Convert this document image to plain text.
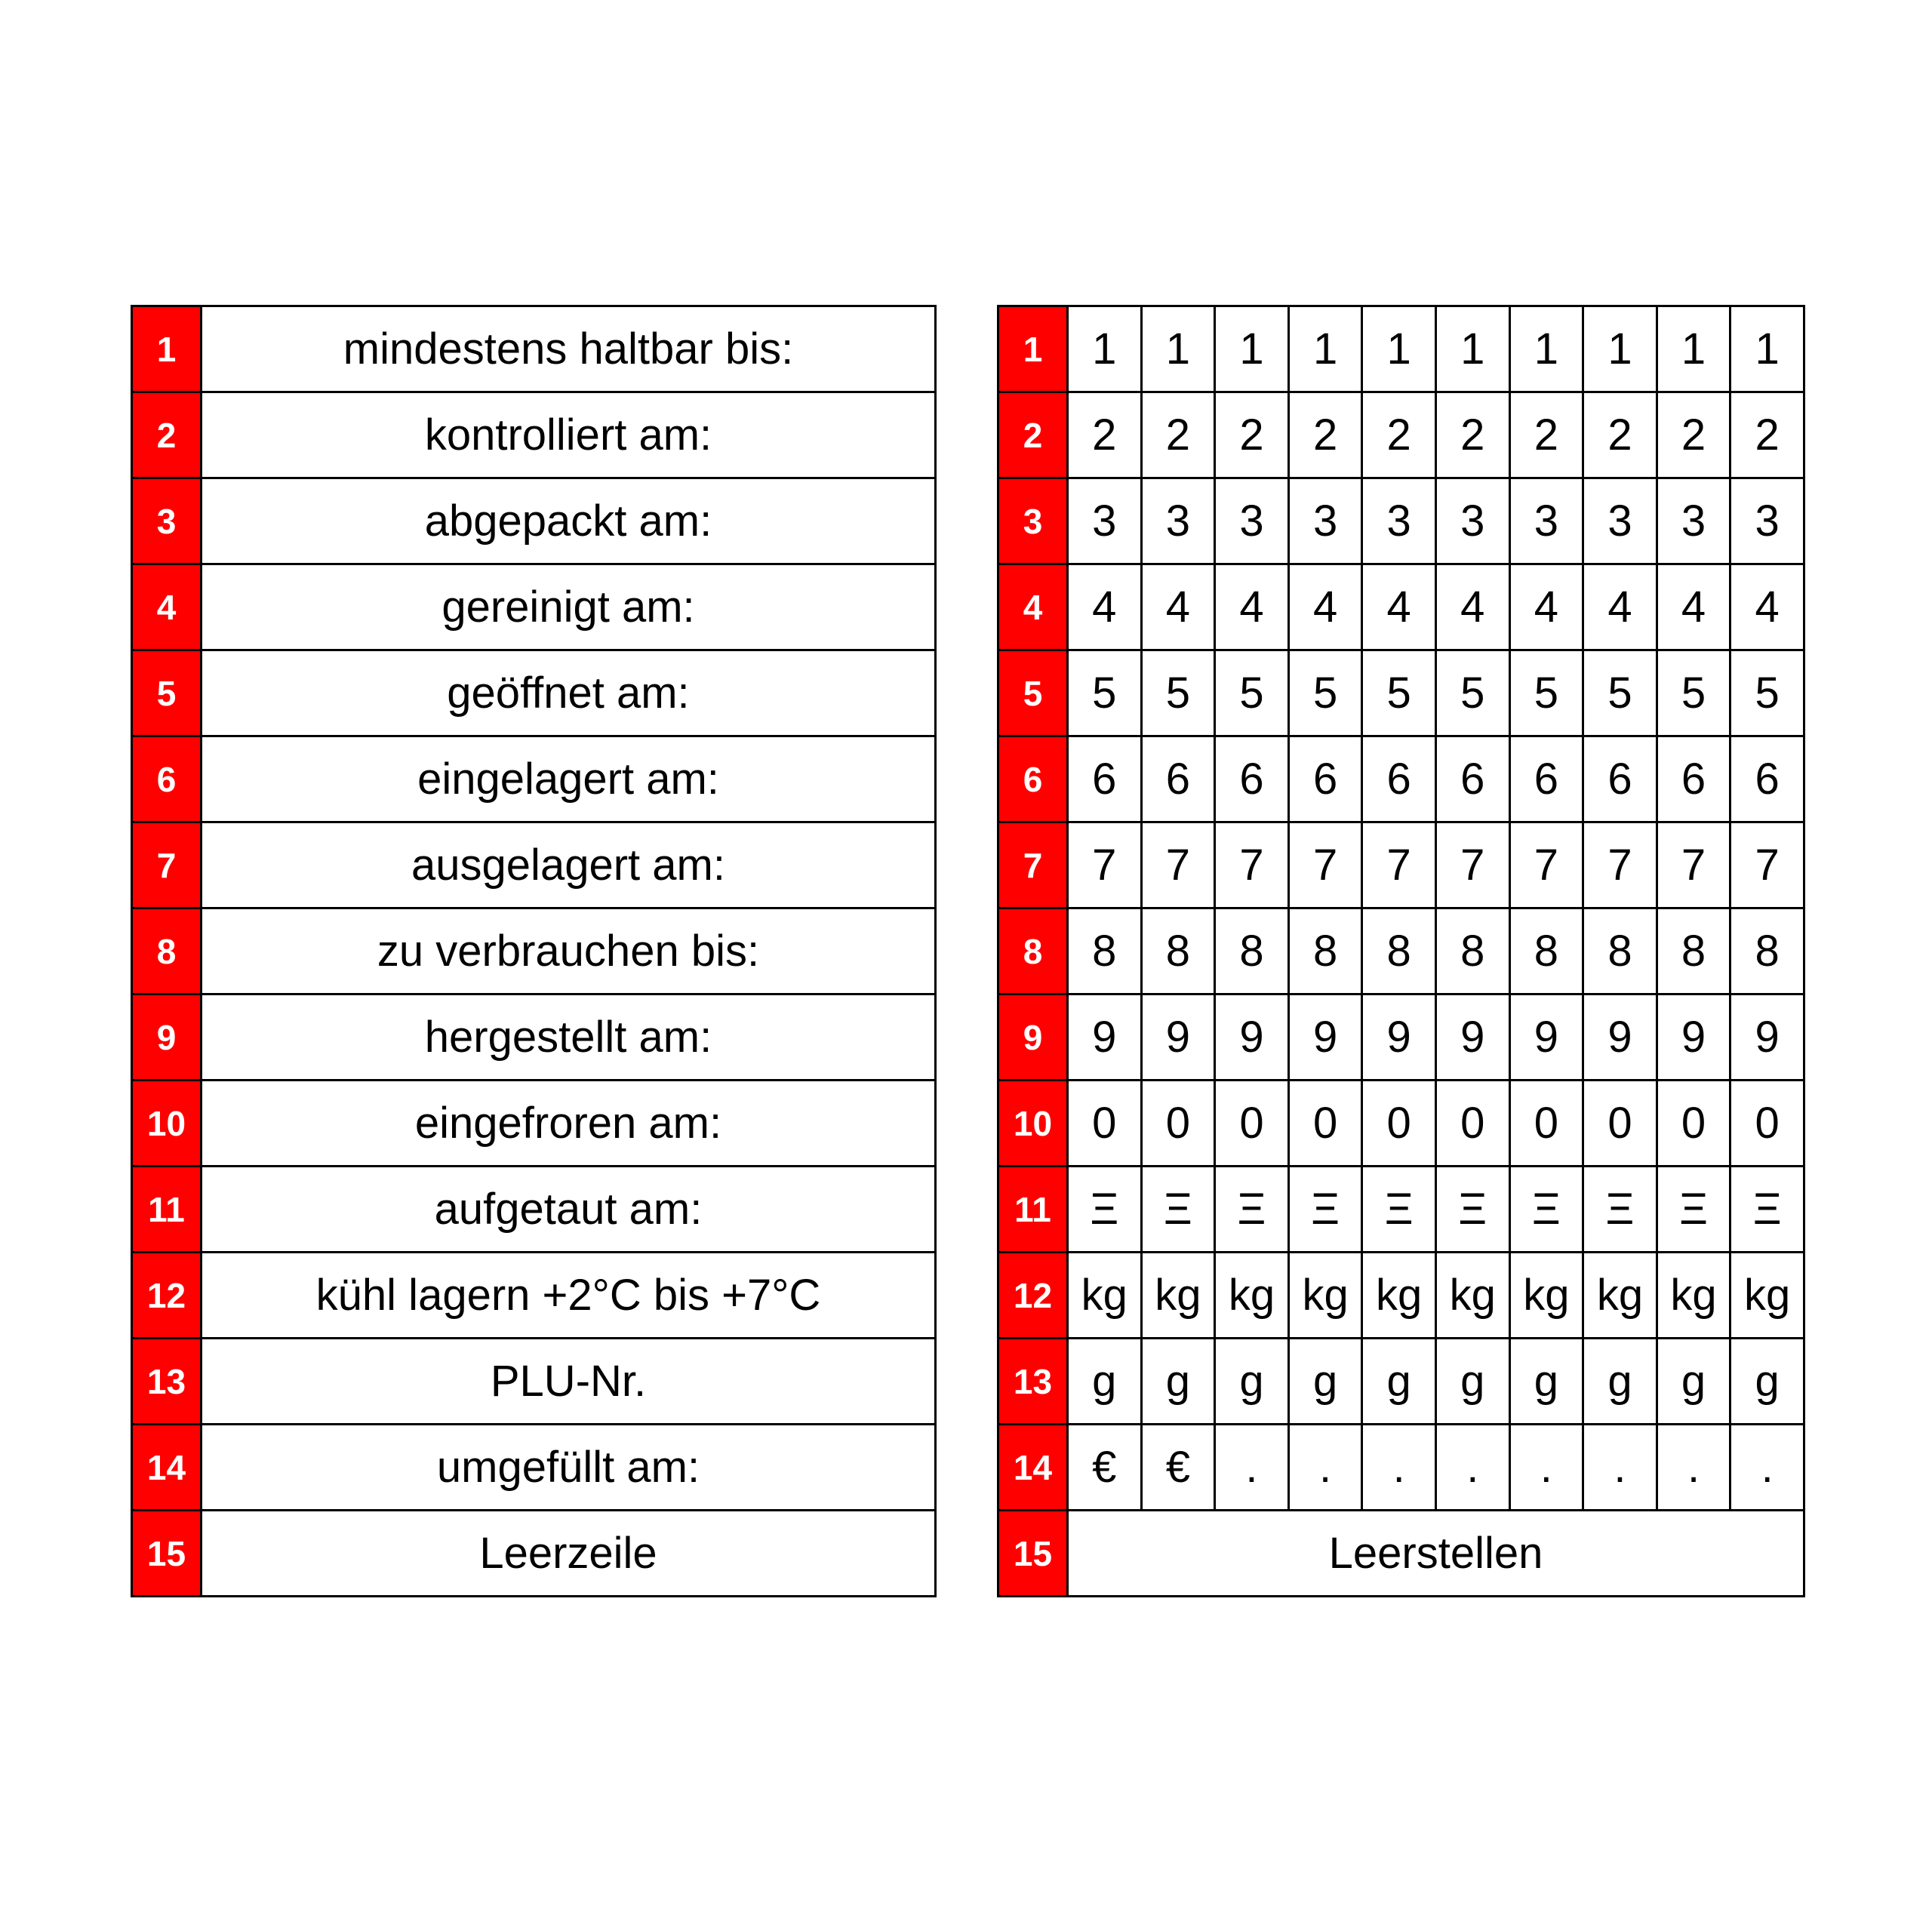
1	mindestens haltbar bis:
2	kontrolliert am:
3	abgepackt am:
4	gereinigt am:
5	geöffnet am:
6	eingelagert am:
7	ausgelagert am:
8	zu verbrauchen bis:
9	hergestellt am:
10	eingefroren am:
11	aufgetaut am:
12	kühl lagern +2°C bis +7°C
13	PLU-Nr.
14	umgefüllt am:
15	Leerzeile
1	1	1	1	1	1	1	1	1	1	1
2	2	2	2	2	2	2	2	2	2	2
3	3	3	3	3	3	3	3	3	3	3
4	4	4	4	4	4	4	4	4	4	4
5	5	5	5	5	5	5	5	5	5	5
6	6	6	6	6	6	6	6	6	6	6
7	7	7	7	7	7	7	7	7	7	7
8	8	8	8	8	8	8	8	8	8	8
9	9	9	9	9	9	9	9	9	9	9
10	0	0	0	0	0	0	0	0	0	0
11	Ξ	Ξ	Ξ	Ξ	Ξ	Ξ	Ξ	Ξ	Ξ	Ξ
12	kg	kg	kg	kg	kg	kg	kg	kg	kg	kg
13	g	g	g	g	g	g	g	g	g	g
14	€	€	.	.	.	.	.	.	.	.
15	Leerstellen									
